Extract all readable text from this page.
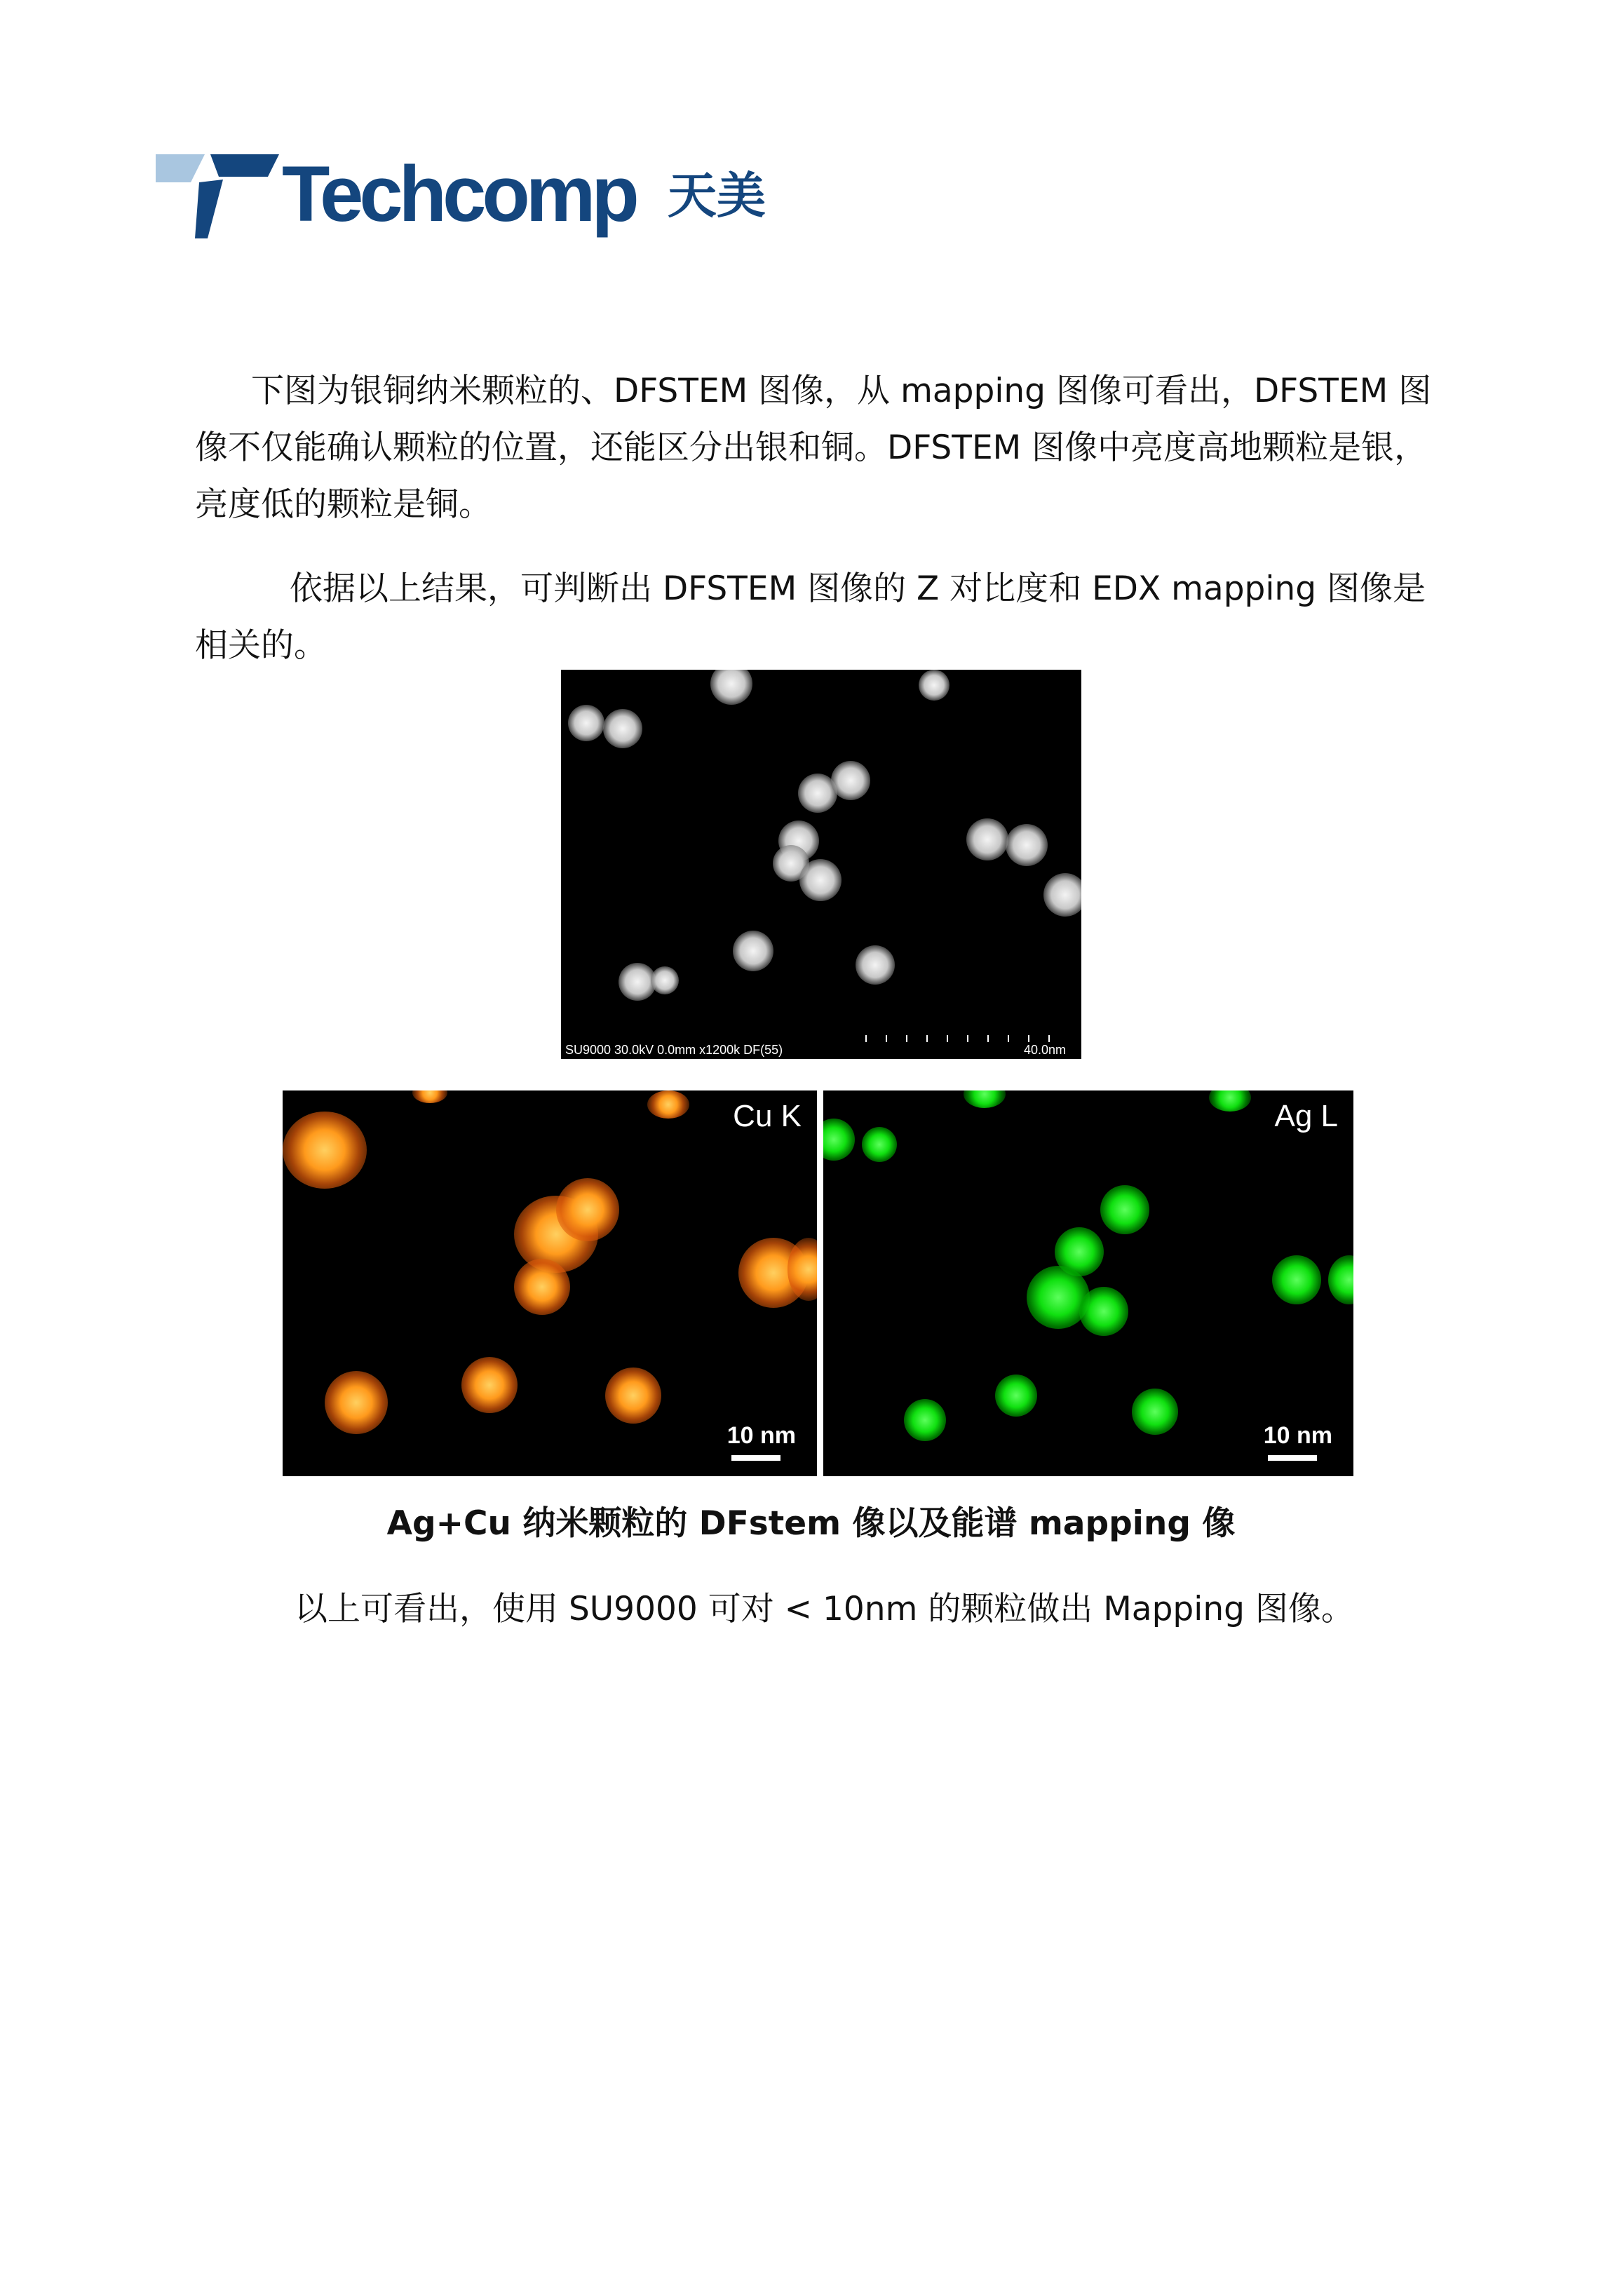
Techcomp 天美

下图为银铜纳米颗粒的、DFSTEM 图像，从 mapping 图像可看出，DFSTEM 图像不仅能确认颗粒的位置，还能区分出银和铜。DFSTEM 图像中亮度高地颗粒是银，亮度低的颗粒是铜。

依据以上结果，可判断出 DFSTEM 图像的 Z 对比度和 EDX mapping 图像是相关的。

SU9000 30.0kV 0.0mm x1200k DF(55)	40.0nm
Cu K
10 nm
Ag L
10 nm
Ag+Cu 纳米颗粒的 DFstem 像以及能谱 mapping 像
以上可看出，使用 SU9000 可对 < 10nm 的颗粒做出 Mapping 图像。
